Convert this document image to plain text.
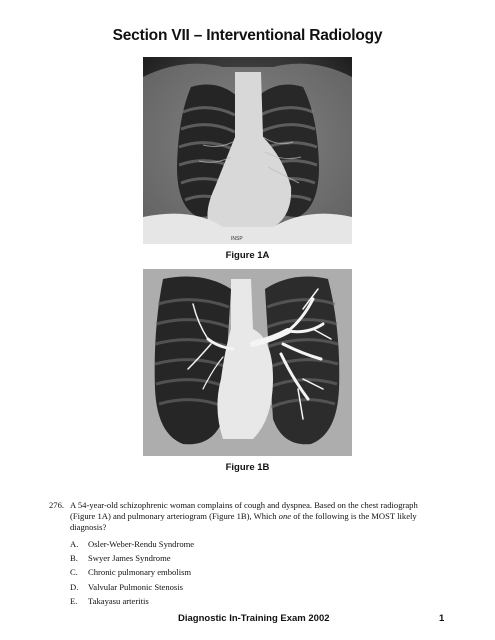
Section VII – Interventional Radiology
INSP
Figure 1A
Figure 1B
276. A 54-year-old schizophrenic woman complains of cough and dyspnea. Based on the chest radiograph
(Figure 1A) and pulmonary arteriogram (Figure 1B), Which one of the following is the MOST likely
diagnosis?
A.	Osler-Weber-Rendu Syndrome
B.	Swyer James Syndrome
C.	Chronic pulmonary embolism
D.	Valvular Pulmonic Stenosis
E.	Takayasu arteritis
Diagnostic In-Training Exam 2002	1
